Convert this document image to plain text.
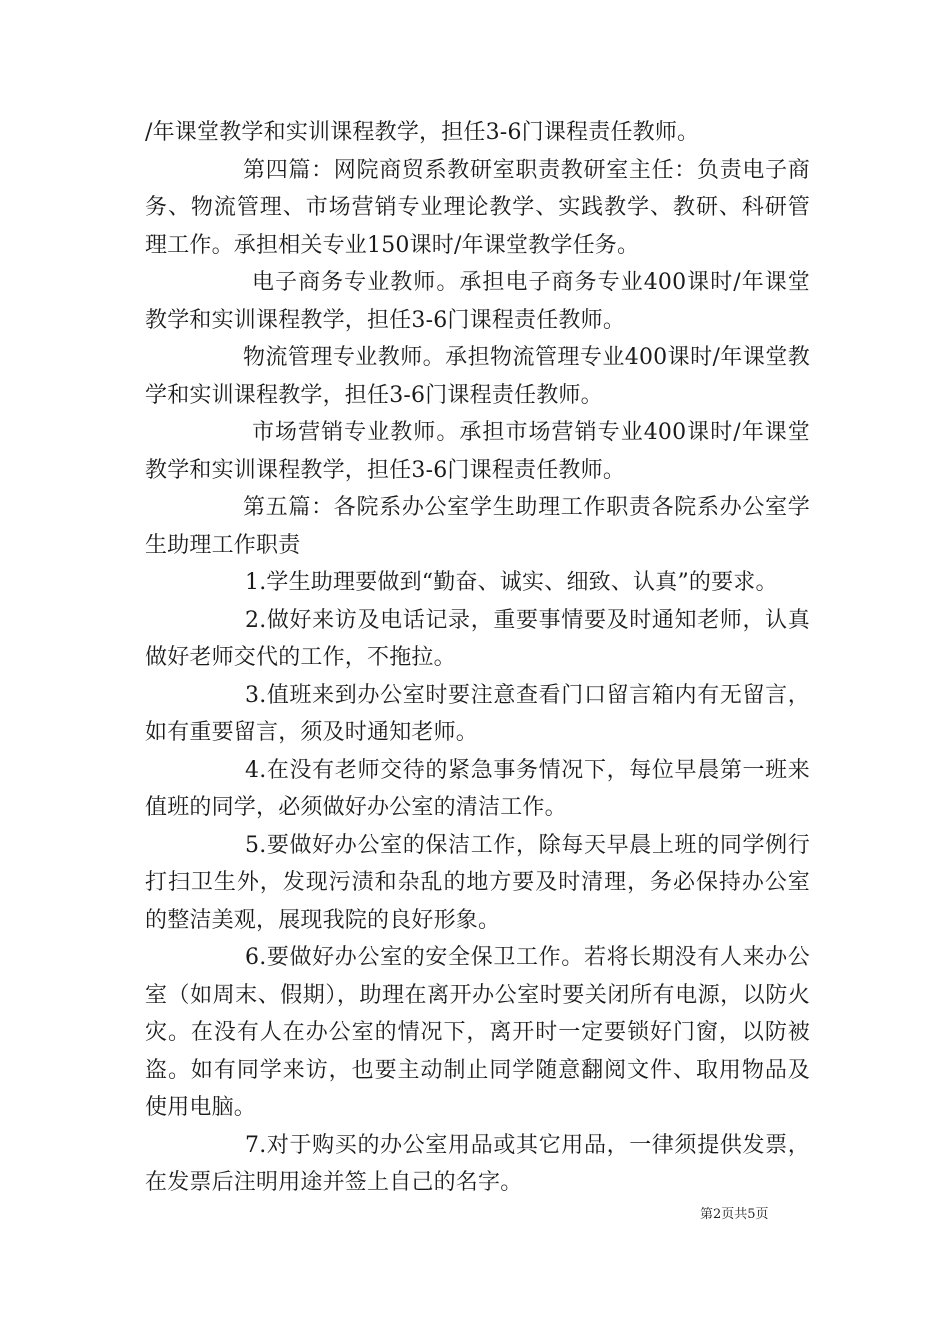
/年课堂教学和实训课程教学，担任3-6门课程责任教师。

第四篇：网院商贸系教研室职责教研室主任：负责电子商务、物流管理、市场营销专业理论教学、实践教学、教研、科研管理工作。承担相关专业150课时/年课堂教学任务。

电子商务专业教师。承担电子商务专业400课时/年课堂教学和实训课程教学，担任3-6门课程责任教师。

物流管理专业教师。承担物流管理专业400课时/年课堂教学和实训课程教学，担任3-6门课程责任教师。

市场营销专业教师。承担市场营销专业400课时/年课堂教学和实训课程教学，担任3-6门课程责任教师。

第五篇：各院系办公室学生助理工作职责各院系办公室学生助理工作职责

1.学生助理要做到“勤奋、诚实、细致、认真”的要求。

2.做好来访及电话记录，重要事情要及时通知老师，认真做好老师交代的工作，不拖拉。

3.值班来到办公室时要注意查看门口留言箱内有无留言，如有重要留言，须及时通知老师。

4.在没有老师交待的紧急事务情况下，每位早晨第一班来值班的同学，必须做好办公室的清洁工作。

5.要做好办公室的保洁工作，除每天早晨上班的同学例行打扫卫生外，发现污渍和杂乱的地方要及时清理，务必保持办公室的整洁美观，展现我院的良好形象。

6.要做好办公室的安全保卫工作。若将长期没有人来办公室（如周末、假期），助理在离开办公室时要关闭所有电源，以防火灾。在没有人在办公室的情况下，离开时一定要锁好门窗，以防被盗。如有同学来访，也要主动制止同学随意翻阅文件、取用物品及使用电脑。

7.对于购买的办公室用品或其它用品，一律须提供发票，在发票后注明用途并签上自己的名字。

第2页共5页
